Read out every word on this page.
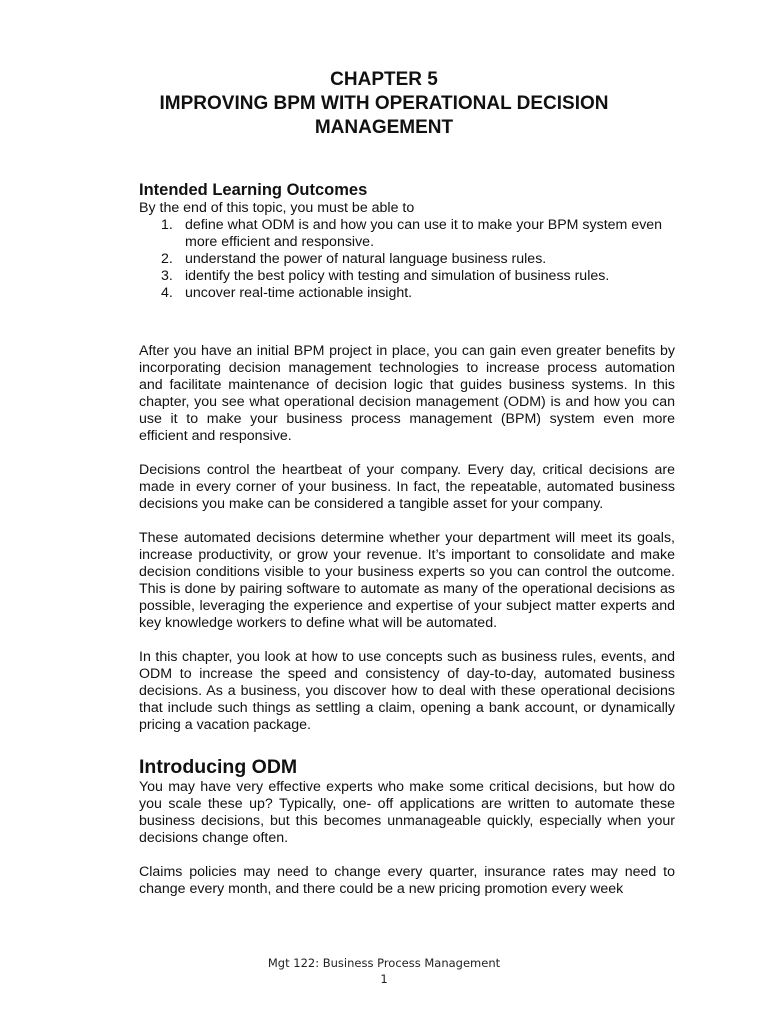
CHAPTER 5
IMPROVING BPM WITH OPERATIONAL DECISION
MANAGEMENT
Intended Learning Outcomes
By the end of this topic, you must be able to
1. define what ODM is and how you can use it to make your BPM system even more efficient and responsive.
2. understand the power of natural language business rules.
3. identify the best policy with testing and simulation of business rules.
4. uncover real-time actionable insight.

After you have an initial BPM project in place, you can gain even greater benefits by incorporating decision management technologies to increase process automation and facilitate maintenance of decision logic that guides business systems. In this chapter, you see what operational decision management (ODM) is and how you can use it to make your business process management (BPM) system even more efficient and responsive.

Decisions control the heartbeat of your company. Every day, critical decisions are made in every corner of your business. In fact, the repeatable, automated business decisions you make can be considered a tangible asset for your company.

These automated decisions determine whether your department will meet its goals, increase productivity, or grow your revenue. It’s important to consolidate and make decision conditions visible to your business experts so you can control the outcome. This is done by pairing software to automate as many of the operational decisions as possible, leveraging the experience and expertise of your subject matter experts and key knowledge workers to define what will be automated.

In this chapter, you look at how to use concepts such as business rules, events, and ODM to increase the speed and consistency of day-to-day, automated business decisions. As a business, you discover how to deal with these operational decisions that include such things as settling a claim, opening a bank account, or dynamically pricing a vacation package.

Introducing ODM

You may have very effective experts who make some critical decisions, but how do you scale these up? Typically, one- off applications are written to automate these business decisions, but this becomes unmanageable quickly, especially when your decisions change often.

Claims policies may need to change every quarter, insurance rates may need to change every month, and there could be a new pricing promotion every week

Mgt 122: Business Process Management
1
